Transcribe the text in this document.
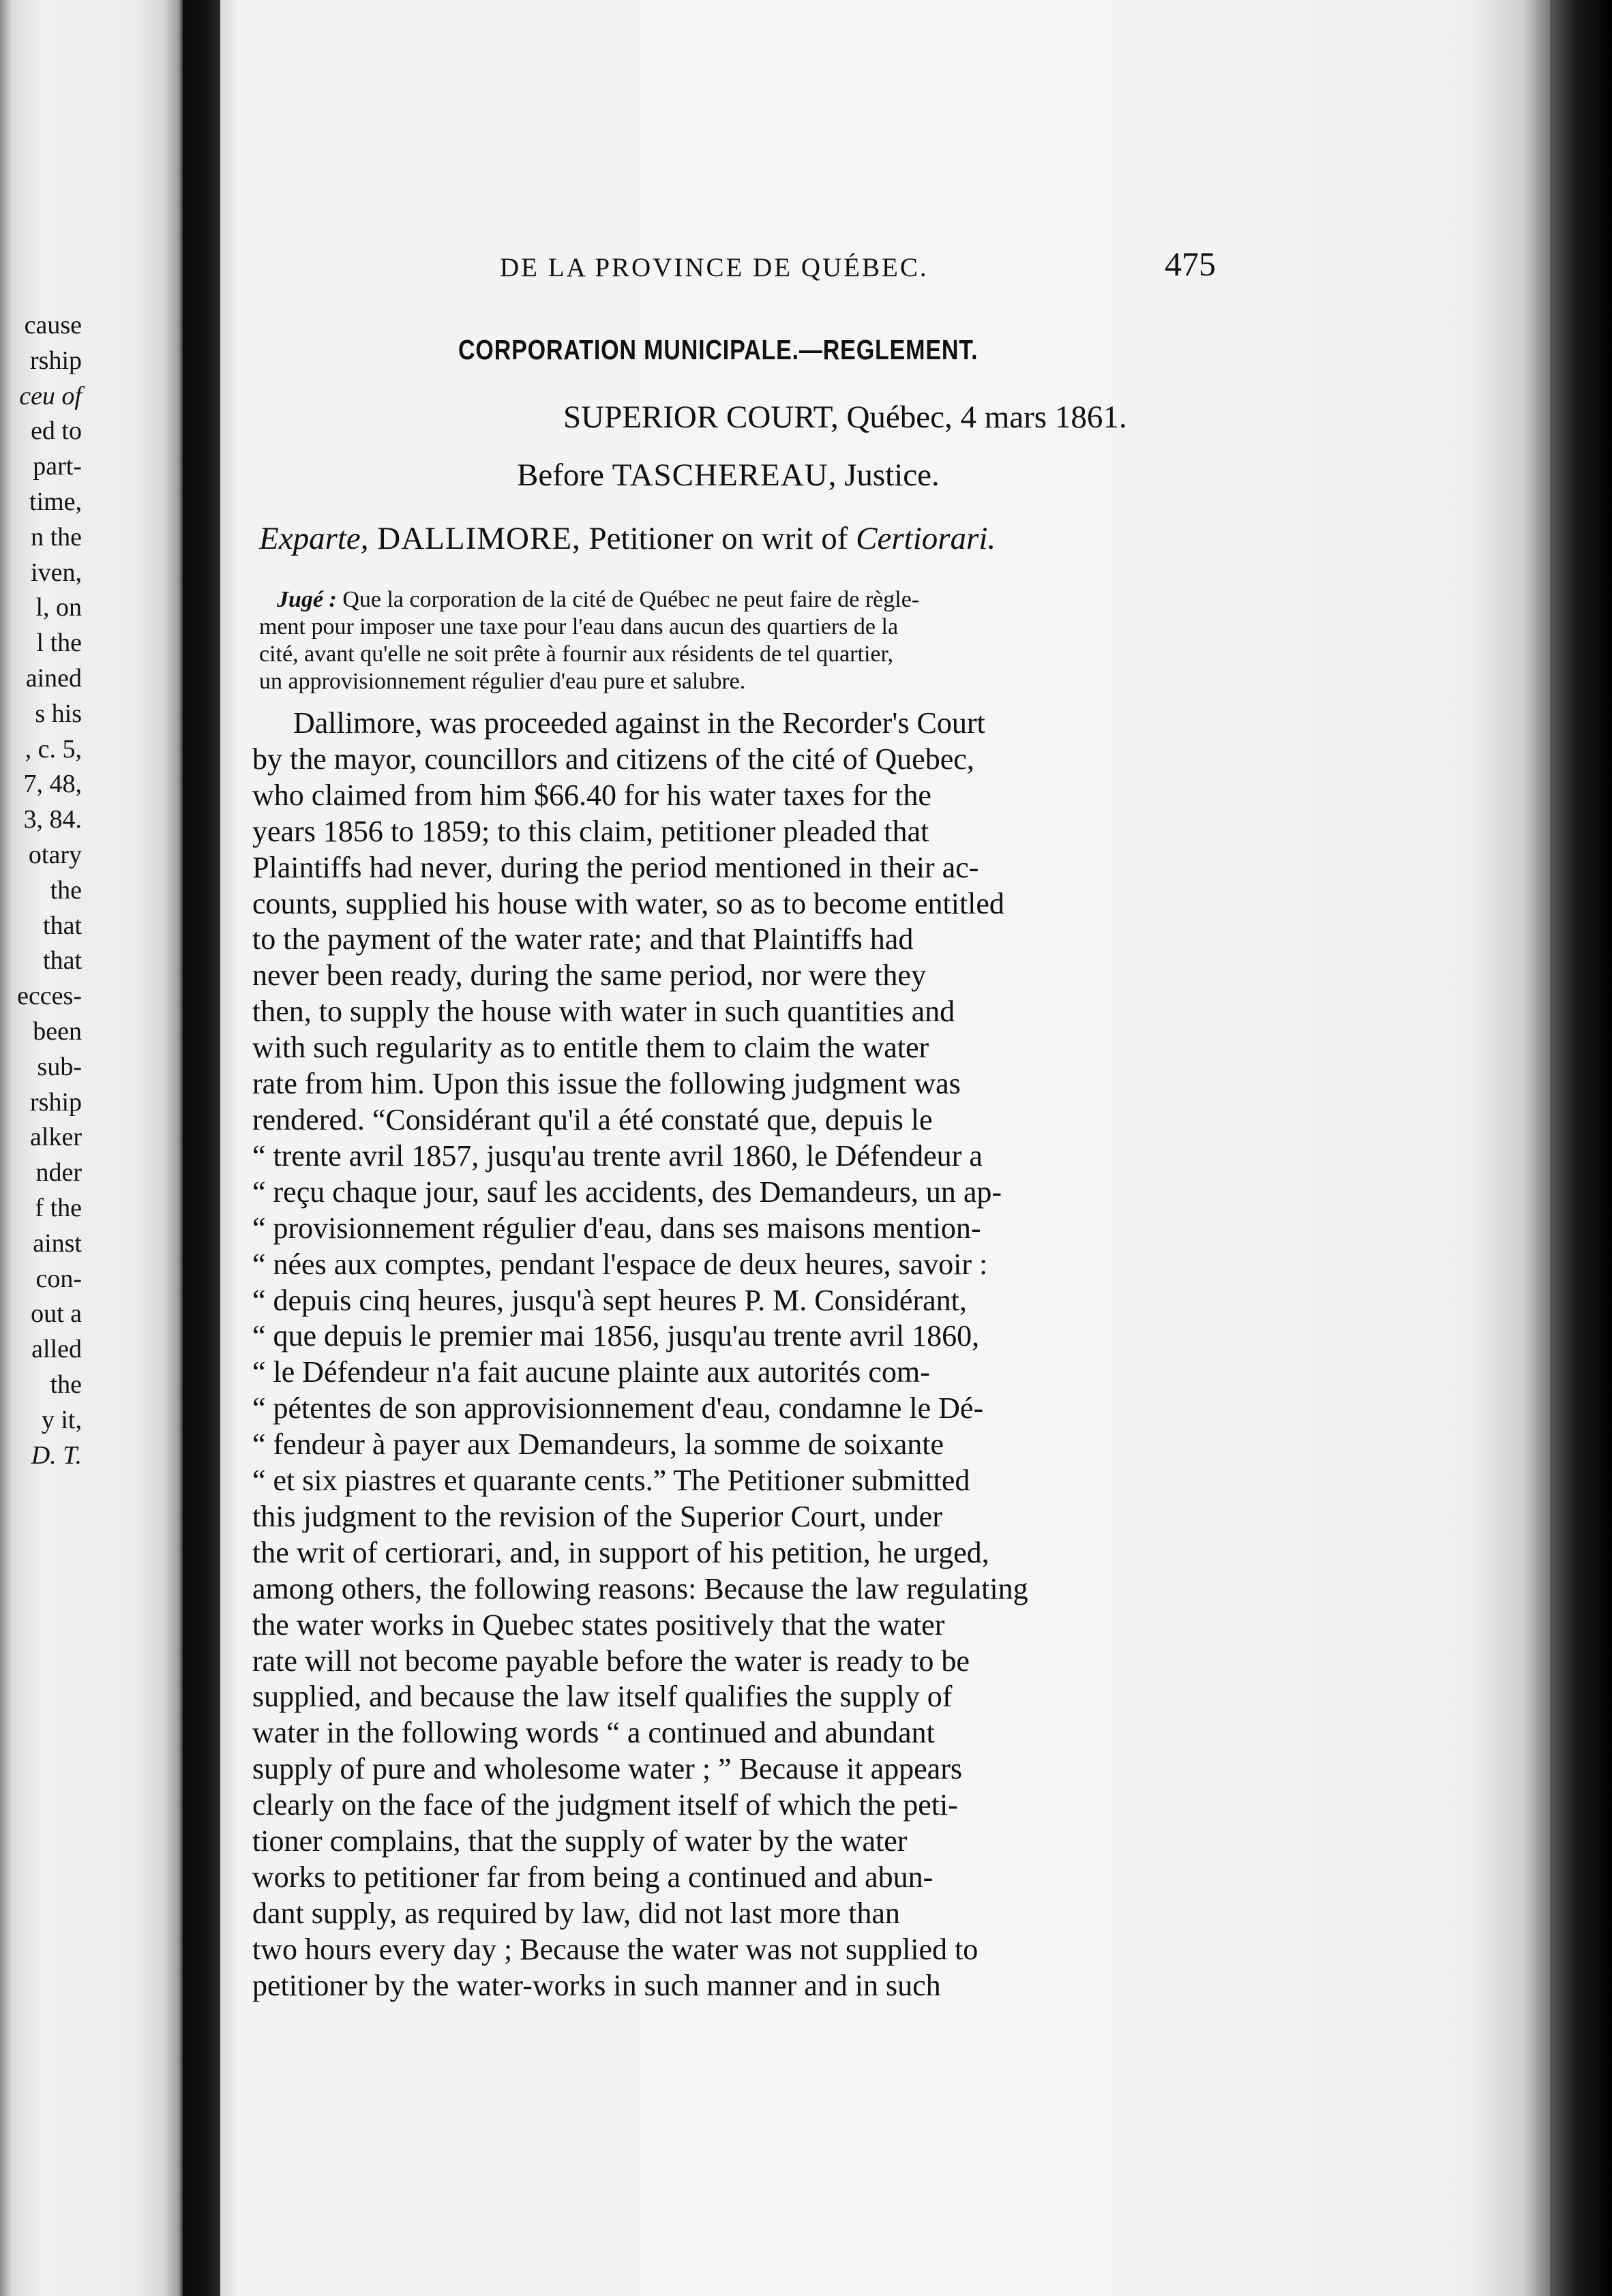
cause
rship
ceu of
ed to
part-
time,
n the
iven,
l, on
l the
ained
s his
, c. 5,
7, 48,
3, 84.
otary
the
that
that
ecces-
been
sub-
rship
alker
nder
f the
ainst
con-
out a
alled
the
y it,
D. T.
DE LA PROVINCE DE QUÉBEC.	475
CORPORATION MUNICIPALE.—REGLEMENT.
SUPERIOR COURT, Québec, 4 mars 1861.
Before TASCHEREAU, Justice.
Exparte, DALLIMORE, Petitioner on writ of Certiorari.
Jugé : Que la corporation de la cité de Québec ne peut faire de règle-
ment pour imposer une taxe pour l'eau dans aucun des quartiers de la
cité, avant qu'elle ne soit prête à fournir aux résidents de tel quartier,
un approvisionnement régulier d'eau pure et salubre.
Dallimore, was proceeded against in the Recorder's Court
by the mayor, councillors and citizens of the cité of Quebec,
who claimed from him $66.40 for his water taxes for the
years 1856 to 1859; to this claim, petitioner pleaded that
Plaintiffs had never, during the period mentioned in their ac-
counts, supplied his house with water, so as to become entitled
to the payment of the water rate; and that Plaintiffs had
never been ready, during the same period, nor were they
then, to supply the house with water in such quantities and
with such regularity as to entitle them to claim the water
rate from him. Upon this issue the following judgment was
rendered. “Considérant qu'il a été constaté que, depuis le
“ trente avril 1857, jusqu'au trente avril 1860, le Défendeur a
“ reçu chaque jour, sauf les accidents, des Demandeurs, un ap-
“ provisionnement régulier d'eau, dans ses maisons mention-
“ nées aux comptes, pendant l'espace de deux heures, savoir :
“ depuis cinq heures, jusqu'à sept heures P. M. Considérant,
“ que depuis le premier mai 1856, jusqu'au trente avril 1860,
“ le Défendeur n'a fait aucune plainte aux autorités com-
“ pétentes de son approvisionnement d'eau, condamne le Dé-
“ fendeur à payer aux Demandeurs, la somme de soixante
“ et six piastres et quarante cents.” The Petitioner submitted
this judgment to the revision of the Superior Court, under
the writ of certiorari, and, in support of his petition, he urged,
among others, the following reasons: Because the law regulating
the water works in Quebec states positively that the water
rate will not become payable before the water is ready to be
supplied, and because the law itself qualifies the supply of
water in the following words “ a continued and abundant
supply of pure and wholesome water ; ” Because it appears
clearly on the face of the judgment itself of which the peti-
tioner complains, that the supply of water by the water
works to petitioner far from being a continued and abun-
dant supply, as required by law, did not last more than
two hours every day ; Because the water was not supplied to
petitioner by the water-works in such manner and in such
